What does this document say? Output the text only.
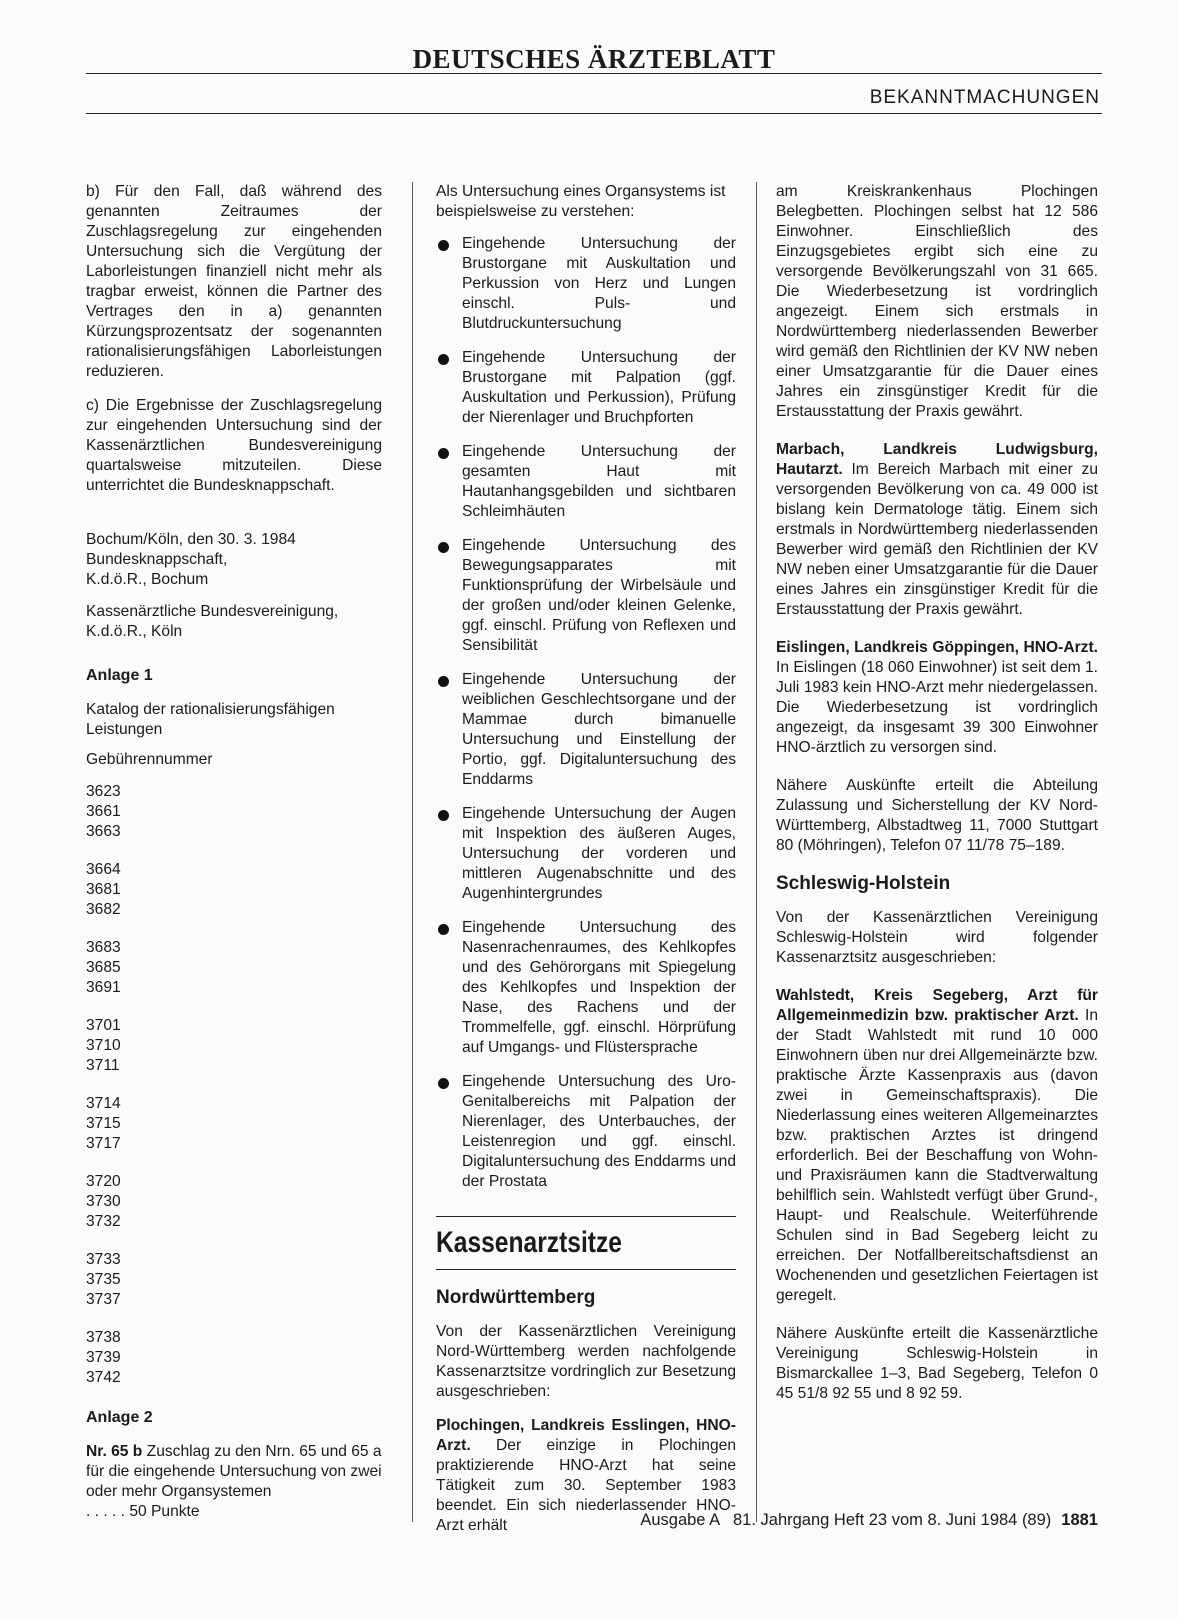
DEUTSCHES ÄRZTEBLATT
BEKANNTMACHUNGEN

b) Für den Fall, daß während des genannten Zeitraumes der Zuschlagsregelung zur eingehenden Untersuchung sich die Vergütung der Laborleistungen finanziell nicht mehr als tragbar erweist, können die Partner des Vertrages den in a) genannten Kürzungsprozentsatz der sogenannten rationalisierungsfähigen Laborleistungen reduzieren.

c) Die Ergebnisse der Zuschlagsregelung zur eingehenden Untersuchung sind der Kassenärztlichen Bundesvereinigung quartalsweise mitzuteilen. Diese unterrichtet die Bundesknappschaft.

Bochum/Köln, den 30. 3. 1984
Bundesknappschaft,
K.d.ö.R., Bochum
Kassenärztliche Bundesvereinigung,
K.d.ö.R., Köln

Anlage 1

Katalog der rationalisierungsfähigen Leistungen

Gebührennummer

3623
3661
3663
3664
3681
3682
3683
3685
3691
3701
3710
3711
3714
3715
3717
3720
3730
3732
3733
3735
3737
3738
3739
3742

Anlage 2

Nr. 65 b Zuschlag zu den Nrn. 65 und 65 a für die eingehende Untersuchung von zwei oder mehr Organsystemen

. . . . . 50 Punkte

Als Untersuchung eines Organsystems ist beispielsweise zu verstehen:

Eingehende Untersuchung der Brustorgane mit Auskultation und Perkussion von Herz und Lungen einschl. Puls- und Blutdruckuntersuchung
Eingehende Untersuchung der Brustorgane mit Palpation (ggf. Auskultation und Perkussion), Prüfung der Nierenlager und Bruchpforten
Eingehende Untersuchung der gesamten Haut mit Hautanhangsgebilden und sichtbaren Schleimhäuten
Eingehende Untersuchung des Bewegungsapparates mit Funktionsprüfung der Wirbelsäule und der großen und/oder kleinen Gelenke, ggf. einschl. Prüfung von Reflexen und Sensibilität
Eingehende Untersuchung der weiblichen Geschlechtsorgane und der Mammae durch bimanuelle Untersuchung und Einstellung der Portio, ggf. Digitaluntersuchung des Enddarms
Eingehende Untersuchung der Augen mit Inspektion des äußeren Auges, Untersuchung der vorderen und mittleren Augenabschnitte und des Augenhintergrundes
Eingehende Untersuchung des Nasenrachenraumes, des Kehlkopfes und des Gehörorgans mit Spiegelung des Kehlkopfes und Inspektion der Nase, des Rachens und der Trommelfelle, ggf. einschl. Hörprüfung auf Umgangs- und Flüstersprache
Eingehende Untersuchung des Uro-Genitalbereichs mit Palpation der Nierenlager, des Unterbauches, der Leistenregion und ggf. einschl. Digitaluntersuchung des Enddarms und der Prostata
Kassenarztsitze
Nordwürttemberg

Von der Kassenärztlichen Vereinigung Nord-Württemberg werden nachfolgende Kassenarztsitze vordringlich zur Besetzung ausgeschrieben:

Plochingen, Landkreis Esslingen, HNO-Arzt. Der einzige in Plochingen praktizierende HNO-Arzt hat seine Tätigkeit zum 30. September 1983 beendet. Ein sich niederlassender HNO-Arzt erhält

am Kreiskrankenhaus Plochingen Belegbetten. Plochingen selbst hat 12 586 Einwohner. Einschließlich des Einzugsgebietes ergibt sich eine zu versorgende Bevölkerungszahl von 31 665. Die Wiederbesetzung ist vordringlich angezeigt. Einem sich erstmals in Nordwürttemberg niederlassenden Bewerber wird gemäß den Richtlinien der KV NW neben einer Umsatzgarantie für die Dauer eines Jahres ein zinsgünstiger Kredit für die Erstausstattung der Praxis gewährt.

Marbach, Landkreis Ludwigsburg, Hautarzt. Im Bereich Marbach mit einer zu versorgenden Bevölkerung von ca. 49 000 ist bislang kein Dermatologe tätig. Einem sich erstmals in Nordwürttemberg niederlassenden Bewerber wird gemäß den Richtlinien der KV NW neben einer Umsatzgarantie für die Dauer eines Jahres ein zinsgünstiger Kredit für die Erstausstattung der Praxis gewährt.

Eislingen, Landkreis Göppingen, HNO-Arzt. In Eislingen (18 060 Einwohner) ist seit dem 1. Juli 1983 kein HNO-Arzt mehr niedergelassen. Die Wiederbesetzung ist vordringlich angezeigt, da insgesamt 39 300 Einwohner HNO-ärztlich zu versorgen sind.

Nähere Auskünfte erteilt die Abteilung Zulassung und Sicherstellung der KV Nord-Württemberg, Albstadtweg 11, 7000 Stuttgart 80 (Möhringen), Telefon 07 11/78 75–189.

Schleswig-Holstein

Von der Kassenärztlichen Vereinigung Schleswig-Holstein wird folgender Kassenarztsitz ausgeschrieben:

Wahlstedt, Kreis Segeberg, Arzt für Allgemeinmedizin bzw. praktischer Arzt. In der Stadt Wahlstedt mit rund 10 000 Einwohnern üben nur drei Allgemeinärzte bzw. praktische Ärzte Kassenpraxis aus (davon zwei in Gemeinschaftspraxis). Die Niederlassung eines weiteren Allgemeinarztes bzw. praktischen Arztes ist dringend erforderlich. Bei der Beschaffung von Wohn- und Praxisräumen kann die Stadtverwaltung behilflich sein. Wahlstedt verfügt über Grund-, Haupt- und Realschule. Weiterführende Schulen sind in Bad Segeberg leicht zu erreichen. Der Notfallbereitschaftsdienst an Wochenenden und gesetzlichen Feiertagen ist geregelt.

Nähere Auskünfte erteilt die Kassenärztliche Vereinigung Schleswig-Holstein in Bismarckallee 1–3, Bad Segeberg, Telefon 0 45 51/8 92 55 und 8 92 59.

Ausgabe A   81. Jahrgang Heft 23 vom 8. Juni 1984 (89) 1881
